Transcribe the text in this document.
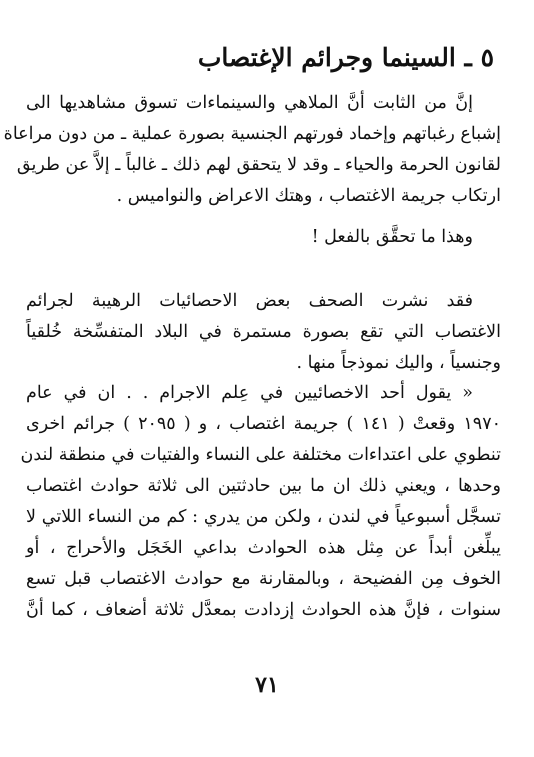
٥ ـ السينما وجرائم الإغتصاب
إنَّ من الثابت أنَّ الملاهي والسينماءات تسوق مشاهديها الى
إشباع رغباتهم وإخماد فورتهم الجنسية بصورة عملية ـ من دون مراعاة
لقانون الحرمة والحياء ـ وقد لا يتحقق لهم ذلك ـ غالباً ـ إلاَّ عن طريق
ارتكاب جريمة الاغتصاب ، وهتك الاعراض والنواميس .
وهذا ما تحقَّق بالفعل !
فقد نشرت الصحف بعض الاحصائيات الرهيبة لجرائم
الاغتصاب التي تقع بصورة مستمرة في البلاد المتفسِّخة خُلقياً
وجنسياً ، واليك نموذجاً منها .
« يقول أحد الاخصائيين في عِلم الاجرام . . ان في عام
١٩٧٠ وقعتْ ( ١٤١ ) جريمة اغتصاب ، و ( ٢٠٩٥ ) جرائم اخرى
تنطوي على اعتداءات مختلفة على النساء والفتيات في منطقة لندن
وحدها ، ويعني ذلك ان ما بين حادثتين الى ثلاثة حوادث اغتصاب
تسجَّل أسبوعياً في لندن ، ولكن من يدري : كم من النساء اللاتي لا
يبلِّغن أبداً عن مِثل هذه الحوادث بداعي الخَجَل والأحراج ، أو
الخوف مِن الفضيحة ، وبالمقارنة مع حوادث الاغتصاب قبل تسع
سنوات ، فإنَّ هذه الحوادث إزدادت بمعدَّل ثلاثة أضعاف ، كما أنَّ
٧١
